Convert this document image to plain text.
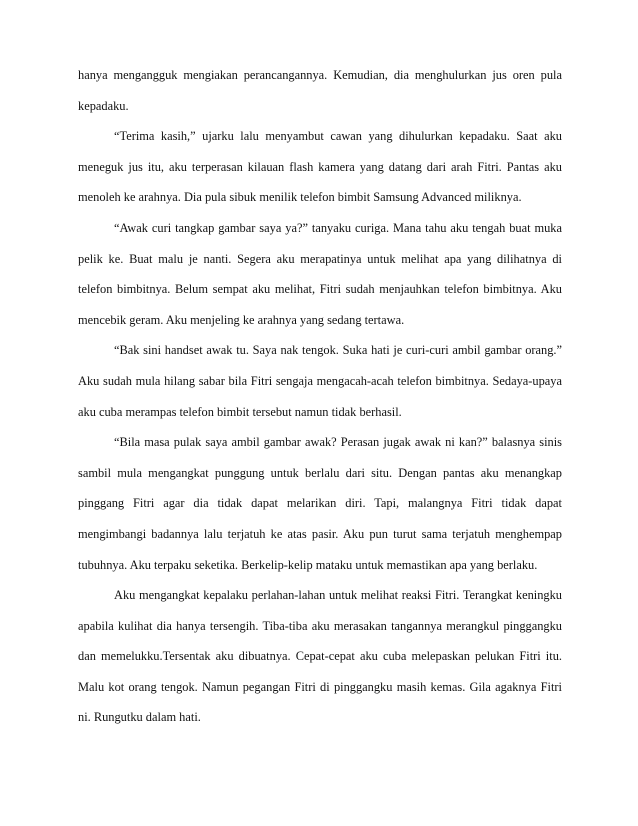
hanya mengangguk mengiakan perancangannya. Kemudian, dia menghulurkan jus oren pula
kepadaku.
“Terima kasih,” ujarku lalu menyambut cawan yang dihulurkan kepadaku. Saat aku
meneguk jus itu, aku terperasan kilauan flash kamera yang datang dari arah Fitri. Pantas aku
menoleh ke arahnya. Dia pula sibuk menilik telefon bimbit Samsung Advanced miliknya.
“Awak curi tangkap gambar saya ya?” tanyaku curiga. Mana tahu aku tengah buat muka
pelik ke. Buat malu je nanti. Segera aku merapatinya untuk melihat apa yang dilihatnya di
telefon bimbitnya. Belum sempat aku melihat, Fitri sudah menjauhkan telefon bimbitnya. Aku
mencebik geram. Aku menjeling ke arahnya yang sedang tertawa.
“Bak sini handset awak tu. Saya nak tengok. Suka hati je curi-curi ambil gambar orang.”
Aku sudah mula hilang sabar bila Fitri sengaja mengacah-acah telefon bimbitnya. Sedaya-upaya
aku cuba merampas telefon bimbit tersebut namun tidak berhasil.
“Bila masa pulak saya ambil gambar awak? Perasan jugak awak ni kan?” balasnya sinis
sambil mula mengangkat punggung untuk berlalu dari situ. Dengan pantas aku menangkap
pinggang Fitri agar dia tidak dapat melarikan diri. Tapi, malangnya Fitri tidak dapat
mengimbangi badannya lalu terjatuh ke atas pasir. Aku pun turut sama terjatuh menghempap
tubuhnya. Aku terpaku seketika. Berkelip-kelip mataku untuk memastikan apa yang berlaku.
Aku mengangkat kepalaku perlahan-lahan untuk melihat reaksi Fitri. Terangkat keningku
apabila kulihat dia hanya tersengih. Tiba-tiba aku merasakan tangannya merangkul pinggangku
dan memelukku.Tersentak aku dibuatnya. Cepat-cepat aku cuba melepaskan pelukan Fitri itu.
Malu kot orang tengok. Namun pegangan Fitri di pinggangku masih kemas. Gila agaknya Fitri
ni. Rungutku dalam hati.
